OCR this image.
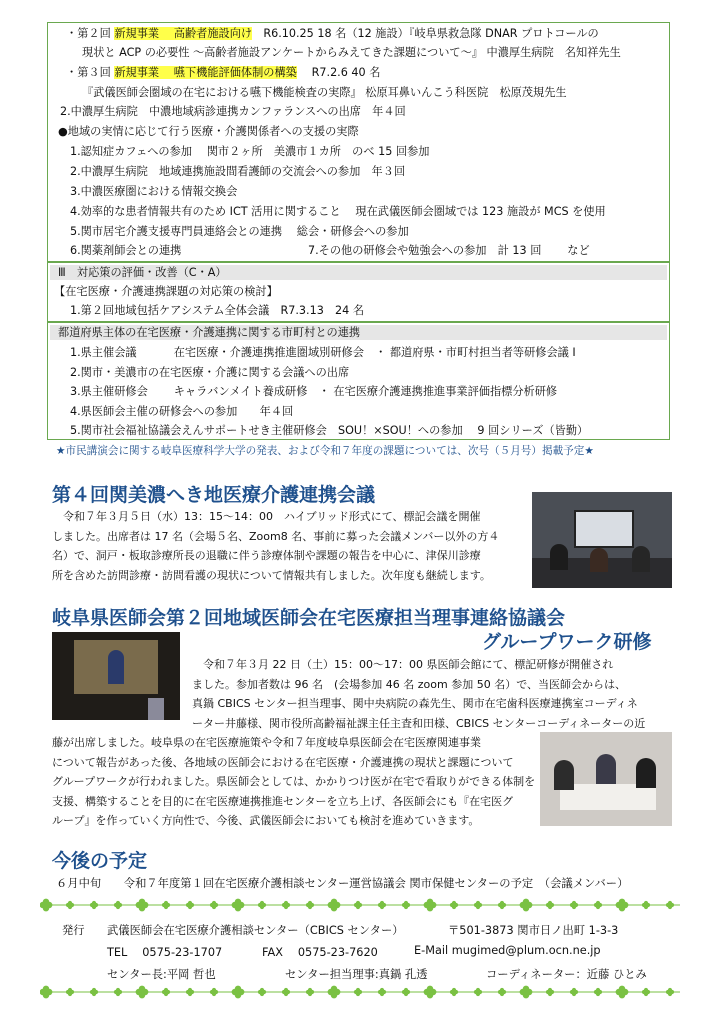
・第２回 新規事業　 高齢者施設向け　R6.10.25 18 名（12 施設）『岐阜県救急隊 DNAR プロトコールの
現状と ACP の必要性 ～高齢者施設アンケートからみえてきた課題について～』 中濃厚生病院　名知祥先生
・第３回 新規事業　 嚥下機能評価体制の構築　 R7.2.6 40 名
『武儀医師会圏域の在宅における嚥下機能検査の実際』 松原耳鼻いんこう科医院　松原茂規先生
2.中濃厚生病院　中濃地域病診連携カンファランスへの出席　年４回
●地域の実情に応じて行う医療・介護関係者への支援の実際
1.認知症カフェへの参加　 関市２ヶ所　美濃市１カ所　のべ 15 回参加
2.中濃厚生病院　地域連携施設間看護師の交流会への参加　年３回
3.中濃医療圏における情報交換会
4.効率的な患者情報共有のため ICT 活用に関すること　 現在武儀医師会圏域では 123 施設が MCS を使用
5.関市居宅介護支援専門員連絡会との連携　 総会・研修会への参加
6.関薬剤師会との連携　　　　　　　　　　　 7.その他の研修会や勉強会への参加　計 13 回　　 など
Ⅲ　対応策の評価・改善（C・A）
【在宅医療・介護連携課題の対応策の検討】
1.第２回地域包括ケアシステム全体会議　R7.3.13　24 名
都道府県主体の在宅医療・介護連携に関する市町村との連携
1.県主催会議　　　 在宅医療・介護連携推進圏域別研修会　・ 都道府県・市町村担当者等研修会議 I
2.関市・美濃市の在宅医療・介護に関する会議への出席
3.県主催研修会　　 キャラバンメイト養成研修　・ 在宅医療介護連携推進事業評価指標分析研修
4.県医師会主催の研修会への参加　　年４回
5.関市社会福祉協議会えんサポートせき主催研修会　SOU！×SOU！への参加　 9 回シリーズ（皆勤）
★市民講演会に関する岐阜医療科学大学の発表、および令和７年度の課題については、次号（５月号）掲載予定★
第４回関美濃へき地医療介護連携会議
　令和７年３月５日（水）13：15～14：00　ハイブリッド形式にて、標記会議を開催
しました。出席者は 17 名（会場５名、Zoom8 名、事前に募った会議メンバー以外の方４
名）で、洞戸・板取診療所長の退職に伴う診療体制や課題の報告を中心に、津保川診療
所を含めた訪問診療・訪問看護の現状について情報共有しました。次年度も継続します。
岐阜県医師会第２回地域医師会在宅医療担当理事連絡協議会
グループワーク研修
　令和７年３月 22 日（土）15：00～17：00 県医師会館にて、標記研修が開催され
ました。参加者数は 96 名　(会場参加 46 名 zoom 参加 50 名）で、当医師会からは、
真鍋 CBICS センター担当理事、関中央病院の森先生、関市在宅歯科医療連携室コーディネ
ーター井藤様、関市役所高齢福祉課主任主査和田様、CBICS センターコーディネーターの近
藤が出席しました。岐阜県の在宅医療施策や令和７年度岐阜県医師会在宅医療関連事業
について報告があった後、各地域の医師会における在宅医療・介護連携の現状と課題について
グループワークが行われました。県医師会としては、かかりつけ医が在宅で看取りができる体制を
支援、構築することを目的に在宅医療連携推進センターを立ち上げ、各医師会にも『在宅医グ
ループ』を作っていく方向性で、今後、武儀医師会においても検討を進めていきます。
今後の予定
６月中旬　　令和７年度第１回在宅医療介護相談センター運営協議会 関市保健センターの予定　（会議メンバー）
発行 武儀医師会在宅医療介護相談センター（CBICS センター）	〒501-3873 関市日ノ出町 1-3-3
TEL　 0575-23-1707	FAX　 0575-23-7620	E-Mail mugimed@plum.ocn.ne.jp
センター長:平岡 哲也	センター担当理事:真鍋 孔透	コーディネーター：近藤 ひとみ
